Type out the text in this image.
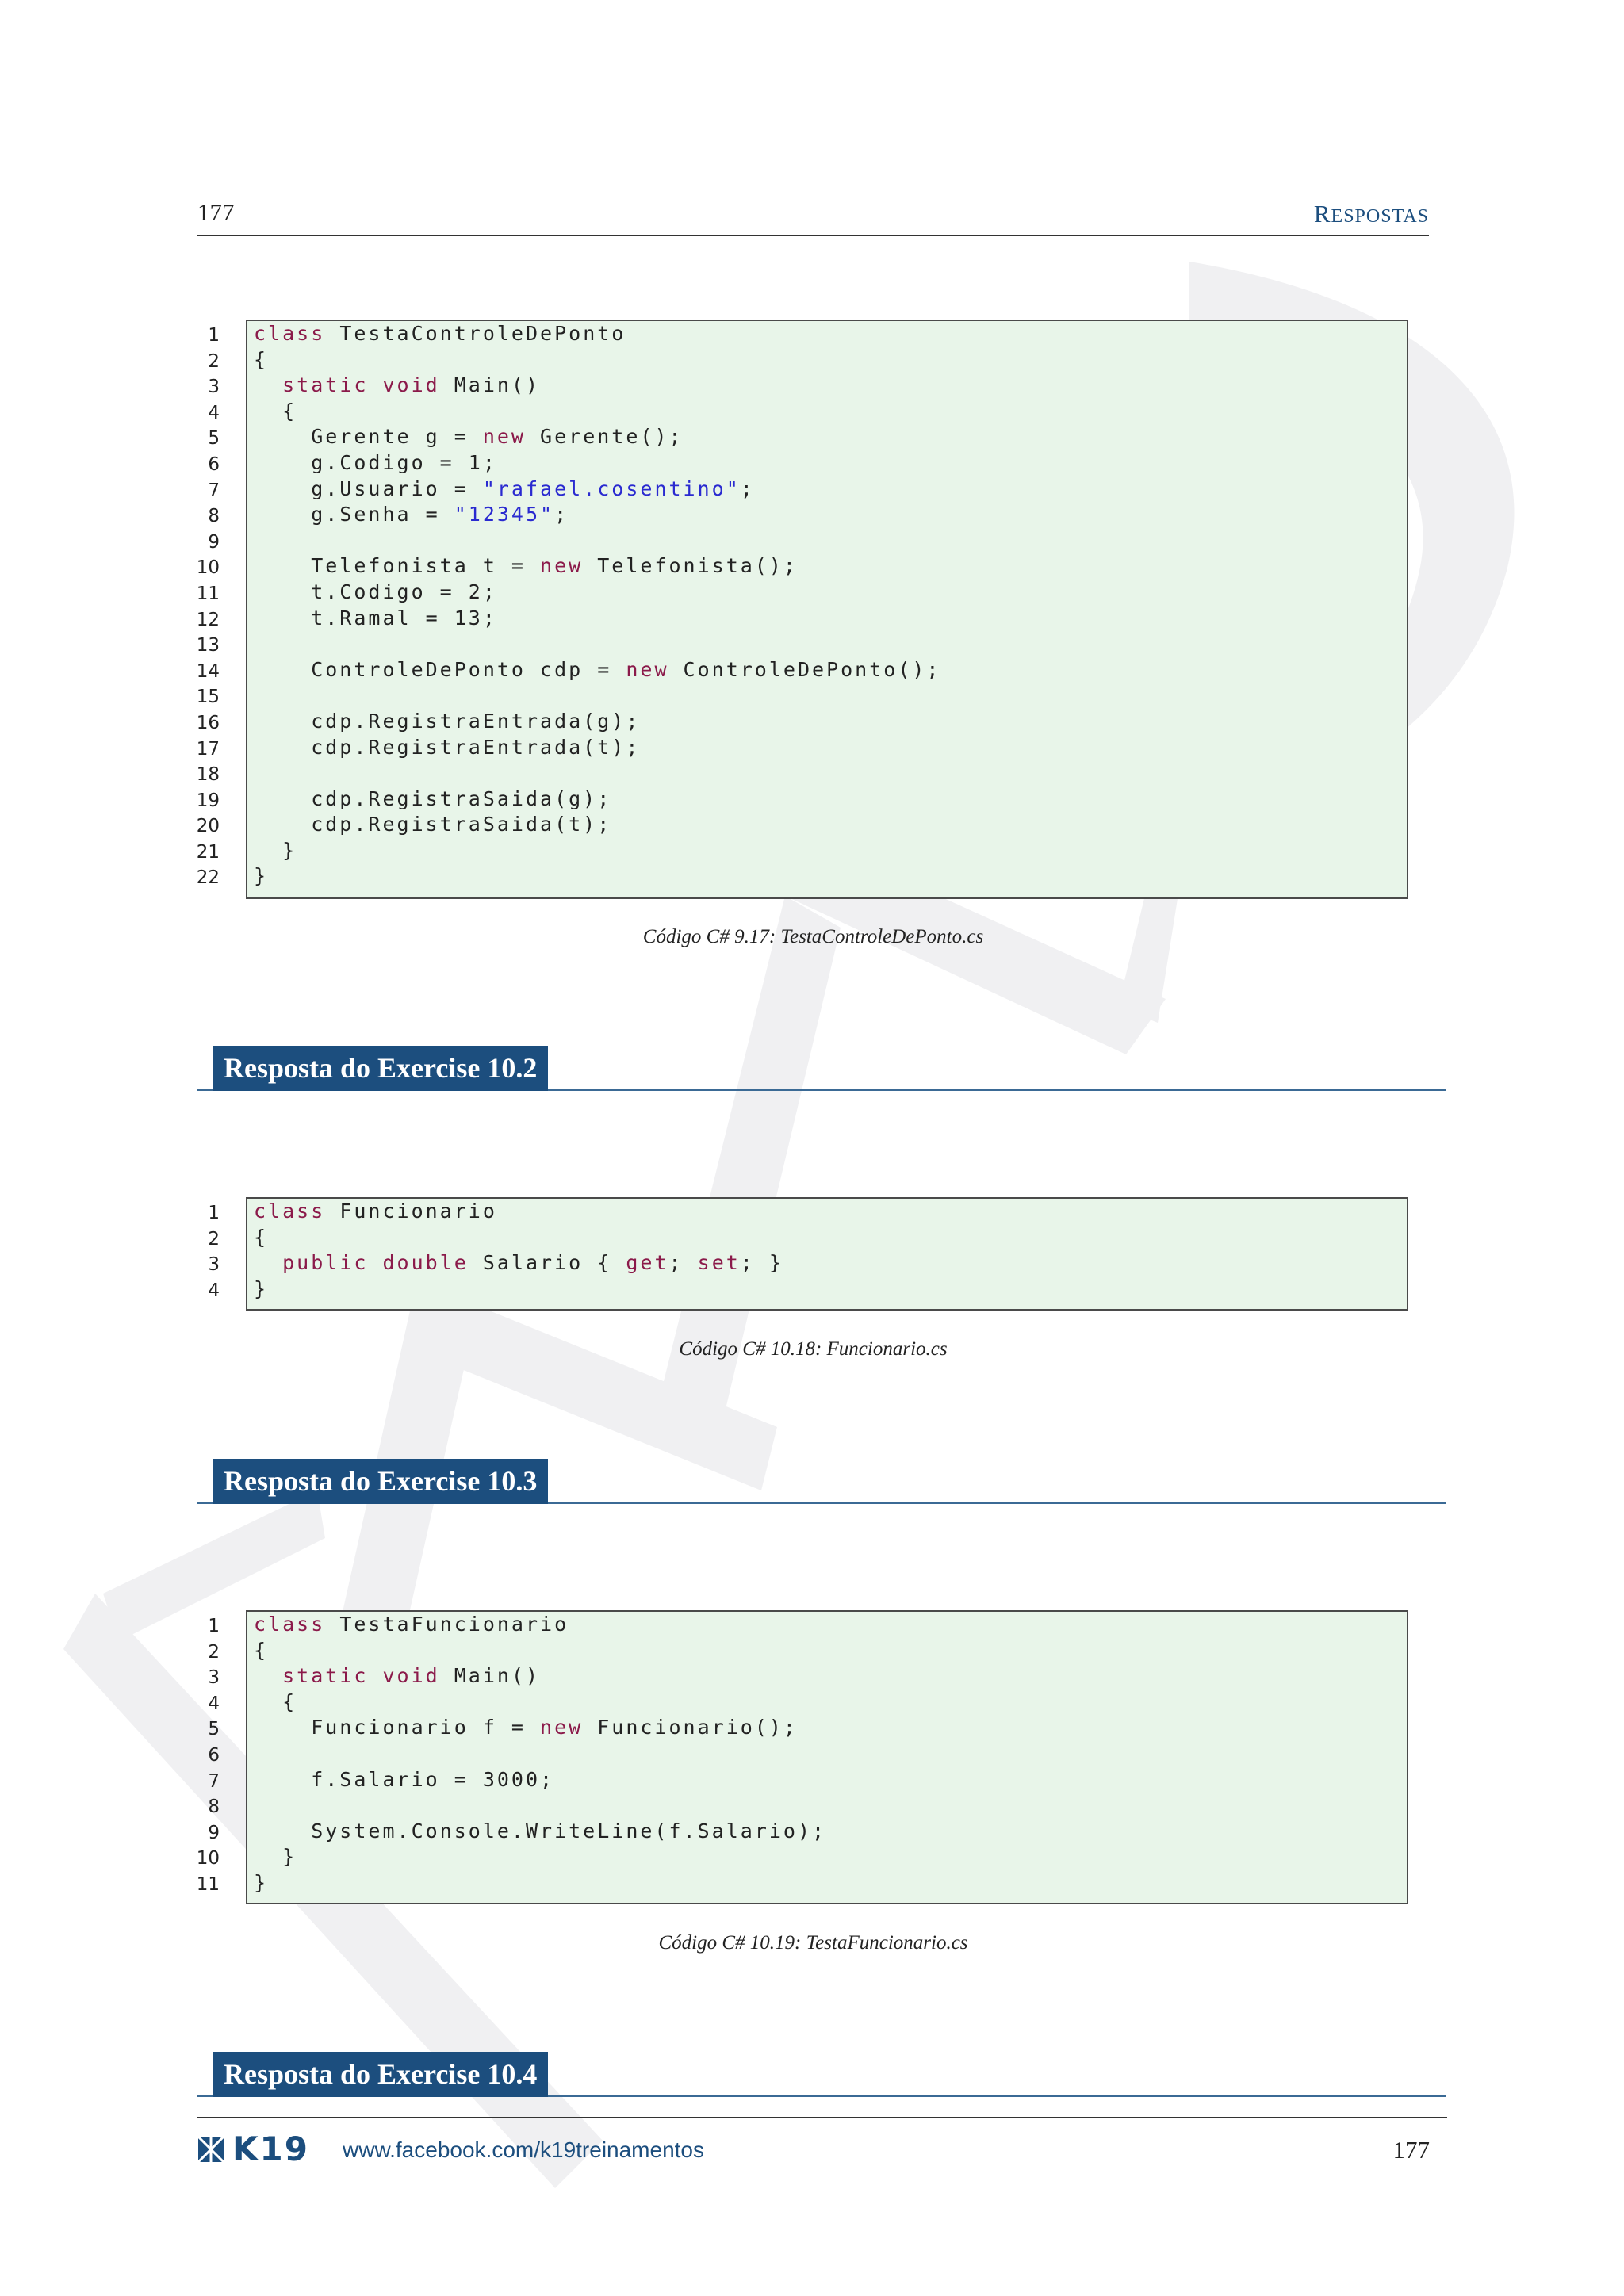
177	RESPOSTAS
1
2
3
4
5
6
7
8
9
10
11
12
13
14
15
16
17
18
19
20
21
22
class TestaControleDePonto
{
static void Main()
{
Gerente g = new Gerente();
g.Codigo = 1;
g.Usuario = "rafael.cosentino";
g.Senha = "12345";
Telefonista t = new Telefonista();
t.Codigo = 2;
t.Ramal = 13;
ControleDePonto cdp = new ControleDePonto();
cdp.RegistraEntrada(g);
cdp.RegistraEntrada(t);
cdp.RegistraSaida(g);
cdp.RegistraSaida(t);
}
}
Código C# 9.17: TestaControleDePonto.cs
Resposta do Exercise 10.2
1
2
3
4
class Funcionario
{
public double Salario { get; set; }
}
Código C# 10.18: Funcionario.cs
Resposta do Exercise 10.3
1
2
3
4
5
6
7
8
9
10
11
class TestaFuncionario
{
static void Main()
{
Funcionario f = new Funcionario();
f.Salario = 3000;
System.Console.WriteLine(f.Salario);
}
}
Código C# 10.19: TestaFuncionario.cs
Resposta do Exercise 10.4
K19 www.facebook.com/k19treinamentos	177
